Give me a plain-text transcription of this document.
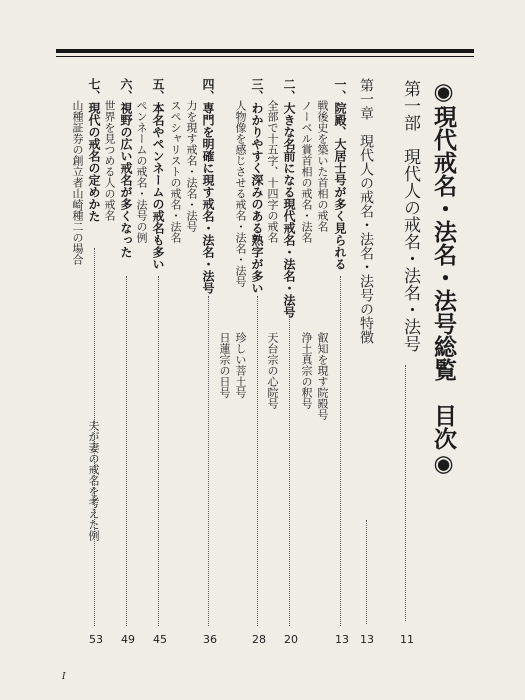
◉現代戒名・法名・法号総覧　目次◉
第一部　現代人の戒名・法名・法号
11
第一章　現代人の戒名・法名・法号の特徴
13
一、院殿、大居士号が多く見られる
13
戦後史を築いた首相の戒名
ノーベル賞首相の戒名・法名
叡知を現す院殿号
浄土真宗の釈号
二、大きな名前になる現代戒名・法名・法号
20
全部で十五字、十四字の戒名
天台宗の心院号
三、わかりやすく深みのある熟字が多い
28
人物像を感じさせる戒名・法名・法号
珍しい菩土号
日蓮宗の日号
四、専門を明確に現す戒名・法名・法号
36
力を現す戒名・法名・法号
スペシャリストの戒名・法名
五、本名やペンネームの戒名も多い
45
ペンネームの戒名・法号の例
六、視野の広い戒名が多くなった
49
世界を見つめる人の戒名
七、現代の戒名の定めかた
53
山種証券の創立者山崎種二の場合
夫が妻の戒名を考えた例
I
